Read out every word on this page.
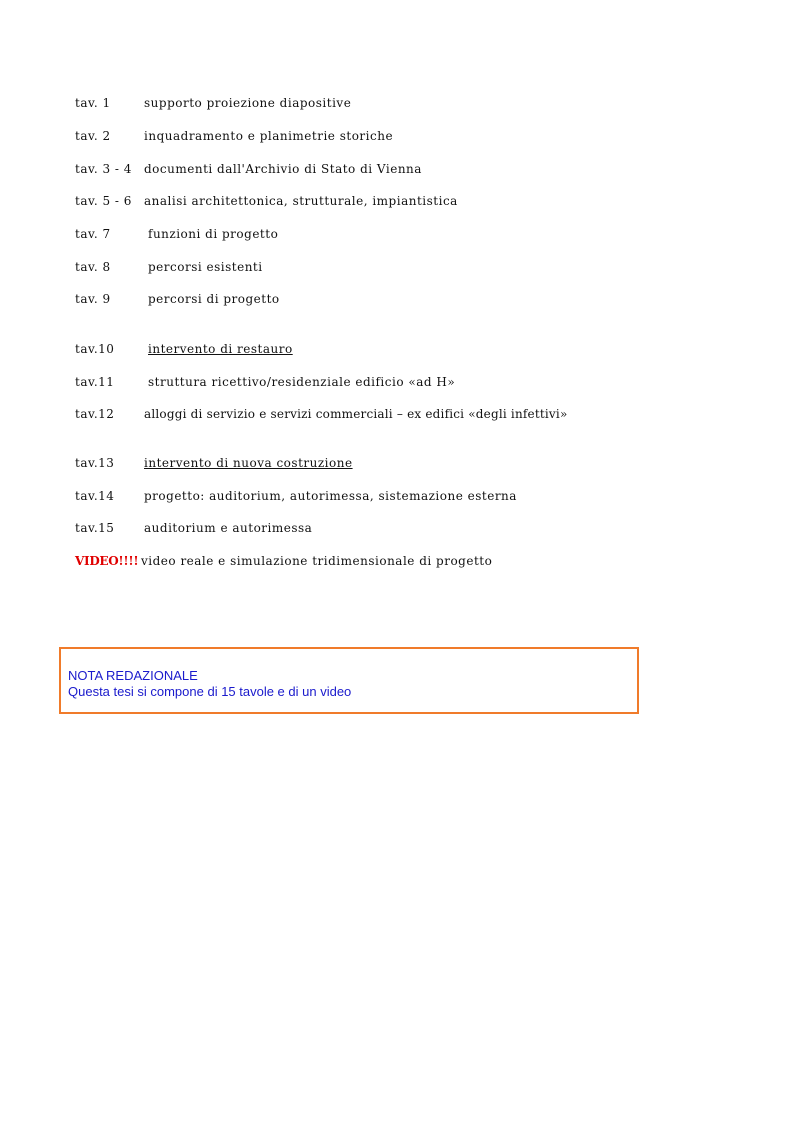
tav. 1	supporto proiezione diapositive
tav. 2	inquadramento e planimetrie storiche
tav. 3 - 4 documenti dall'Archivio di Stato di Vienna
tav. 5 - 6 analisi architettonica, strutturale, impiantistica
tav. 7	funzioni di progetto
tav. 8	percorsi esistenti
tav. 9	percorsi di progetto
tav.10	intervento di restauro
tav.11	struttura ricettivo/residenziale edificio «ad H»
tav.12 alloggi di servizio e servizi commerciali – ex edifici «degli infettivi»
tav.13 intervento di nuova costruzione
tav.14 progetto: auditorium, autorimessa, sistemazione esterna
tav.15 auditorium e autorimessa
VIDEO!!!! video reale e simulazione tridimensionale di progetto
NOTA REDAZIONALE
Questa tesi si compone di 15 tavole e di un video
